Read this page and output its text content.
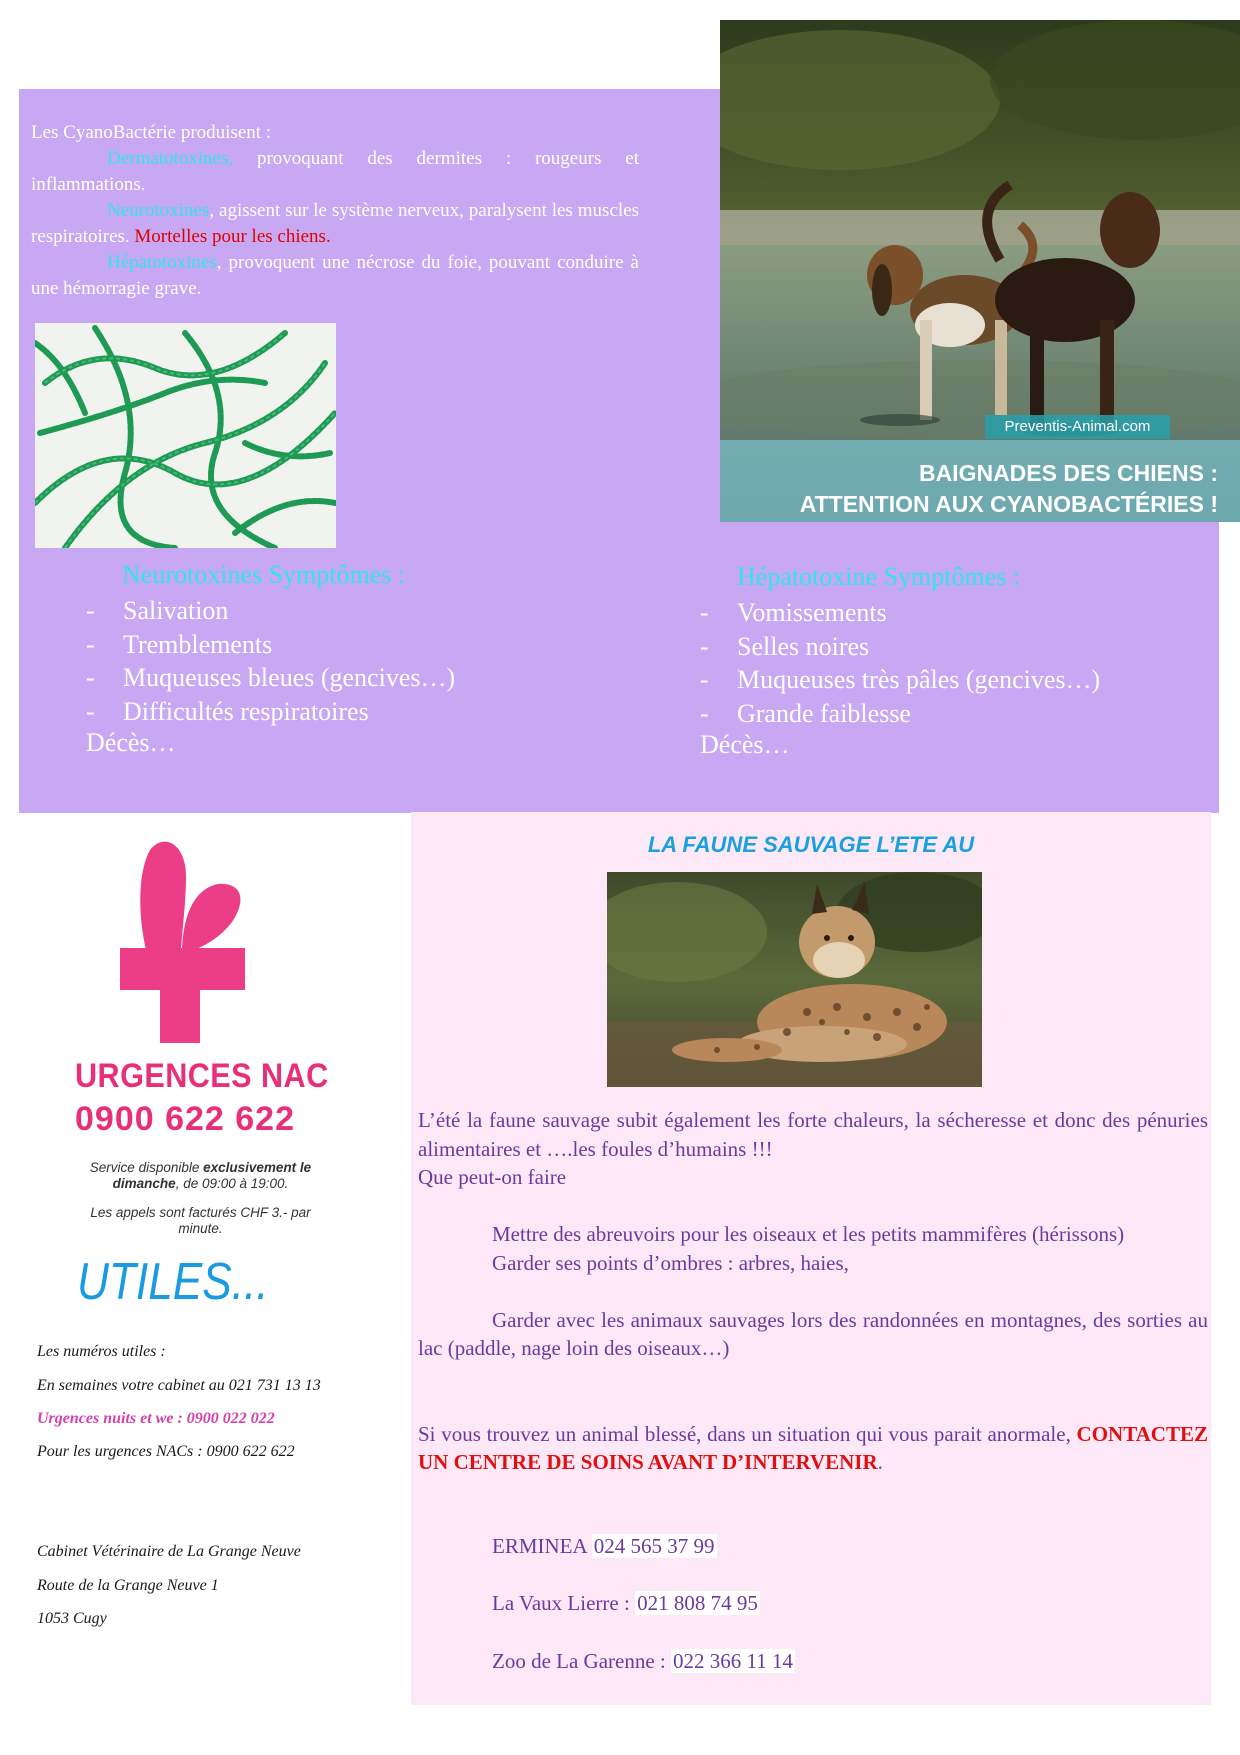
Les CyanoBactérie produisent :

Dermatotoxines, provoquant des dermites : rougeurs et inflammations.

Neurotoxines, agissent sur le système nerveux, paralysent les muscles respiratoires. Mortelles pour les chiens.

Hépatotoxines, provoquent une nécrose du foie, pouvant conduire à une hémorragie grave.

Preventis-Animal.com
BAIGNADES DES CHIENS :
ATTENTION AUX CYANOBACTÉRIES !
Neurotoxines Symptômes :
- Salivation
- Tremblements
- Muqueuses bleues (gencives…)
- Difficultés respiratoires
Décès…
Hépatotoxine Symptômes :
- Vomissements
- Selles noires
- Muqueuses très pâles (gencives…)
- Grande faiblesse
Décès…
URGENCES NAC
0900 622 622
Service disponible exclusivement le dimanche, de 09:00 à 19:00.
Les appels sont facturés CHF 3.- par minute.
UTILES...
Les numéros utiles :
En semaines votre cabinet au 021 731 13 13
Urgences nuits et we : 0900 022 022
Pour les urgences NACs : 0900 622 622
Cabinet Vétérinaire de La Grange Neuve
Route de la Grange Neuve 1
1053 Cugy
LA FAUNE SAUVAGE L’ETE AU

L’été la faune sauvage subit également les forte chaleurs, la sécheresse et donc des pénuries alimentaires et ….les foules d’humains !!!

Que peut-on faire

Mettre des abreuvoirs pour les oiseaux et les petits mammifères (hérissons)

Garder ses points d’ombres : arbres, haies,

Garder avec les animaux sauvages lors des randonnées en montagnes, des sorties au lac (paddle, nage loin des oiseaux…)

Si vous trouvez un animal blessé, dans un situation qui vous parait anormale, CONTACTEZ UN CENTRE DE SOINS AVANT D’INTERVENIR.

ERMINEA 024 565 37 99
La Vaux Lierre : 021 808 74 95
Zoo de La Garenne : 022 366 11 14
